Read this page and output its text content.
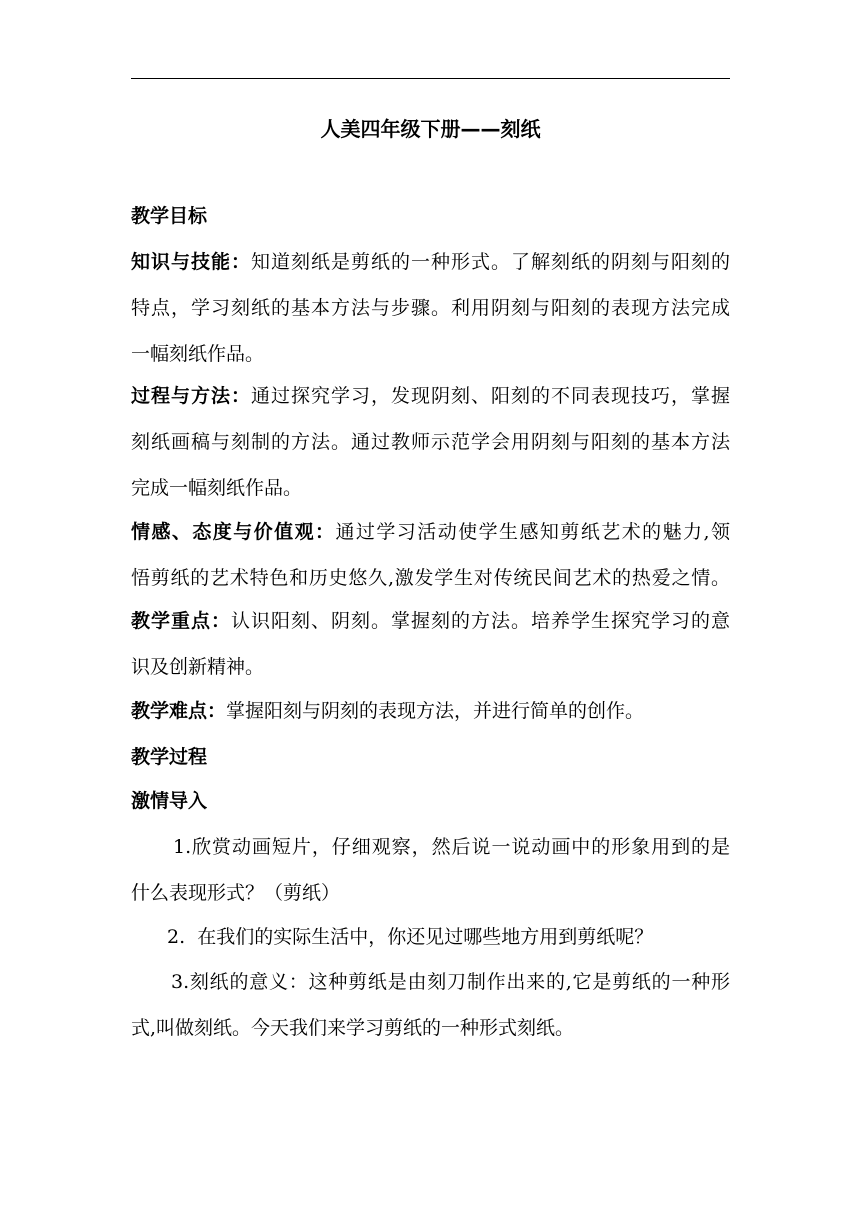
人美四年级下册——刻纸
教学目标
知识与技能：知道刻纸是剪纸的一种形式。了解刻纸的阴刻与阳刻的
特点，学习刻纸的基本方法与步骤。利用阴刻与阳刻的表现方法完成
一幅刻纸作品。
过程与方法：通过探究学习，发现阴刻、阳刻的不同表现技巧，掌握
刻纸画稿与刻制的方法。通过教师示范学会用阴刻与阳刻的基本方法
完成一幅刻纸作品。
情感、态度与价值观：通过学习活动使学生感知剪纸艺术的魅力,领
悟剪纸的艺术特色和历史悠久,激发学生对传统民间艺术的热爱之情。
教学重点：认识阳刻、阴刻。掌握刻的方法。培养学生探究学习的意
识及创新精神。
教学难点：掌握阳刻与阴刻的表现方法，并进行简单的创作。
教学过程
激情导入
1.欣赏动画短片，仔细观察，然后说一说动画中的形象用到的是
什么表现形式？（剪纸）
2.  在我们的实际生活中，你还见过哪些地方用到剪纸呢？
3.刻纸的意义：这种剪纸是由刻刀制作出来的,它是剪纸的一种形
式,叫做刻纸。今天我们来学习剪纸的一种形式刻纸。
